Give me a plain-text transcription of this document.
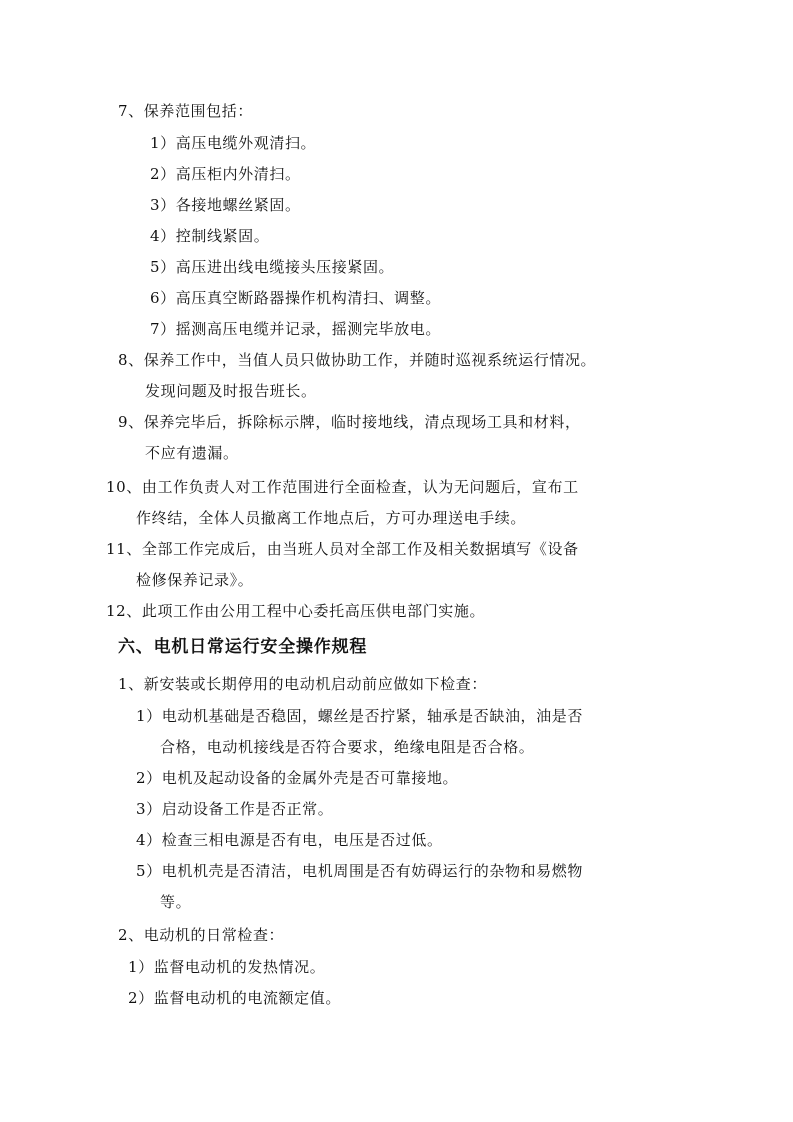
7、保养范围包括：
1）高压电缆外观清扫。
2）高压柜内外清扫。
3）各接地螺丝紧固。
4）控制线紧固。
5）高压进出线电缆接头压接紧固。
6）高压真空断路器操作机构清扫、调整。
7）摇测高压电缆并记录，摇测完毕放电。
8、保养工作中，当值人员只做协助工作，并随时巡视系统运行情况。
发现问题及时报告班长。
9、保养完毕后，拆除标示牌，临时接地线，清点现场工具和材料，
不应有遗漏。
10、由工作负责人对工作范围进行全面检查，认为无问题后，宣布工
作终结，全体人员撤离工作地点后，方可办理送电手续。
11、全部工作完成后，由当班人员对全部工作及相关数据填写《设备
检修保养记录》。
12、此项工作由公用工程中心委托高压供电部门实施。
六、电机日常运行安全操作规程
1、新安装或长期停用的电动机启动前应做如下检查：
1）电动机基础是否稳固，螺丝是否拧紧，轴承是否缺油，油是否
合格，电动机接线是否符合要求，绝缘电阻是否合格。
2）电机及起动设备的金属外壳是否可靠接地。
3）启动设备工作是否正常。
4）检查三相电源是否有电，电压是否过低。
5）电机机壳是否清洁，电机周围是否有妨碍运行的杂物和易燃物
等。
2、电动机的日常检查：
1）监督电动机的发热情况。
2）监督电动机的电流额定值。
